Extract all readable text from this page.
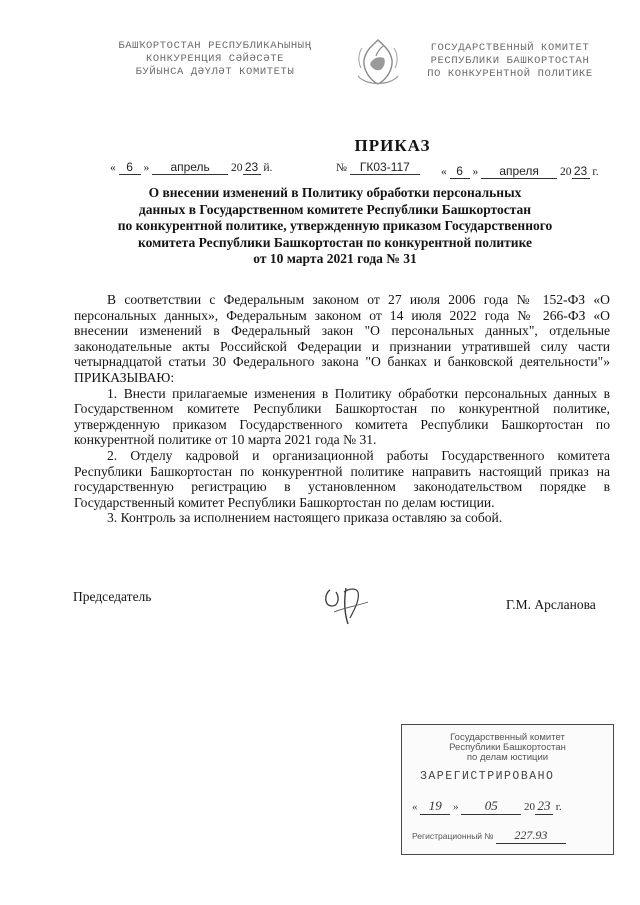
БАШҠОРТОСТАН РЕСПУБЛИКАҺЫНЫҢ
КОНКУРЕНЦИЯ СӘЙӘСӘТЕ
БУЙЫНСА ДӘҮЛӘТ КОМИТЕТЫ
ГОСУДАРСТВЕННЫЙ КОМИТЕТ
РЕСПУБЛИКИ БАШКОРТОСТАН
ПО КОНКУРЕНТНОЙ ПОЛИТИКЕ
ПРИКАЗ
« 6 » апрель 20 23 й.	№ ГК03-117	« 6 » апреля 20 23 г.
О внесении изменений в Политику обработки персональных
данных в Государственном комитете Республики Башкортостан
по конкурентной политике, утвержденную приказом Государственного
комитета Республики Башкортостан по конкурентной политике
от 10 марта 2021 года № 31

В соответствии с Федеральным законом от 27 июля 2006 года № 152-ФЗ «О персональных данных», Федеральным законом от 14 июля 2022 года № 266-ФЗ «О внесении изменений в Федеральный закон "О персональных данных", отдельные законодательные акты Российской Федерации и признании утратившей силу части четырнадцатой статьи 30 Федерального закона "О банках и банковской деятельности"» ПРИКАЗЫВАЮ:

1. Внести прилагаемые изменения в Политику обработки персональных данных в Государственном комитете Республики Башкортостан по конкурентной политике, утвержденную приказом Государственного комитета Республики Башкортостан по конкурентной политике от 10 марта 2021 года № 31.

2. Отделу кадровой и организационной работы Государственного комитета Республики Башкортостан по конкурентной политике направить настоящий приказ на государственную регистрацию в установленном законодательством порядке в Государственный комитет Республики Башкортостан по делам юстиции.

3. Контроль за исполнением настоящего приказа оставляю за собой.

Председатель
Г.М. Арсланова
Государственный комитет
Республики Башкортостан
по делам юстиции
ЗАРЕГИСТРИРОВАНО
« 19 » 05 20 23 г.
Регистрационный № 227.93
